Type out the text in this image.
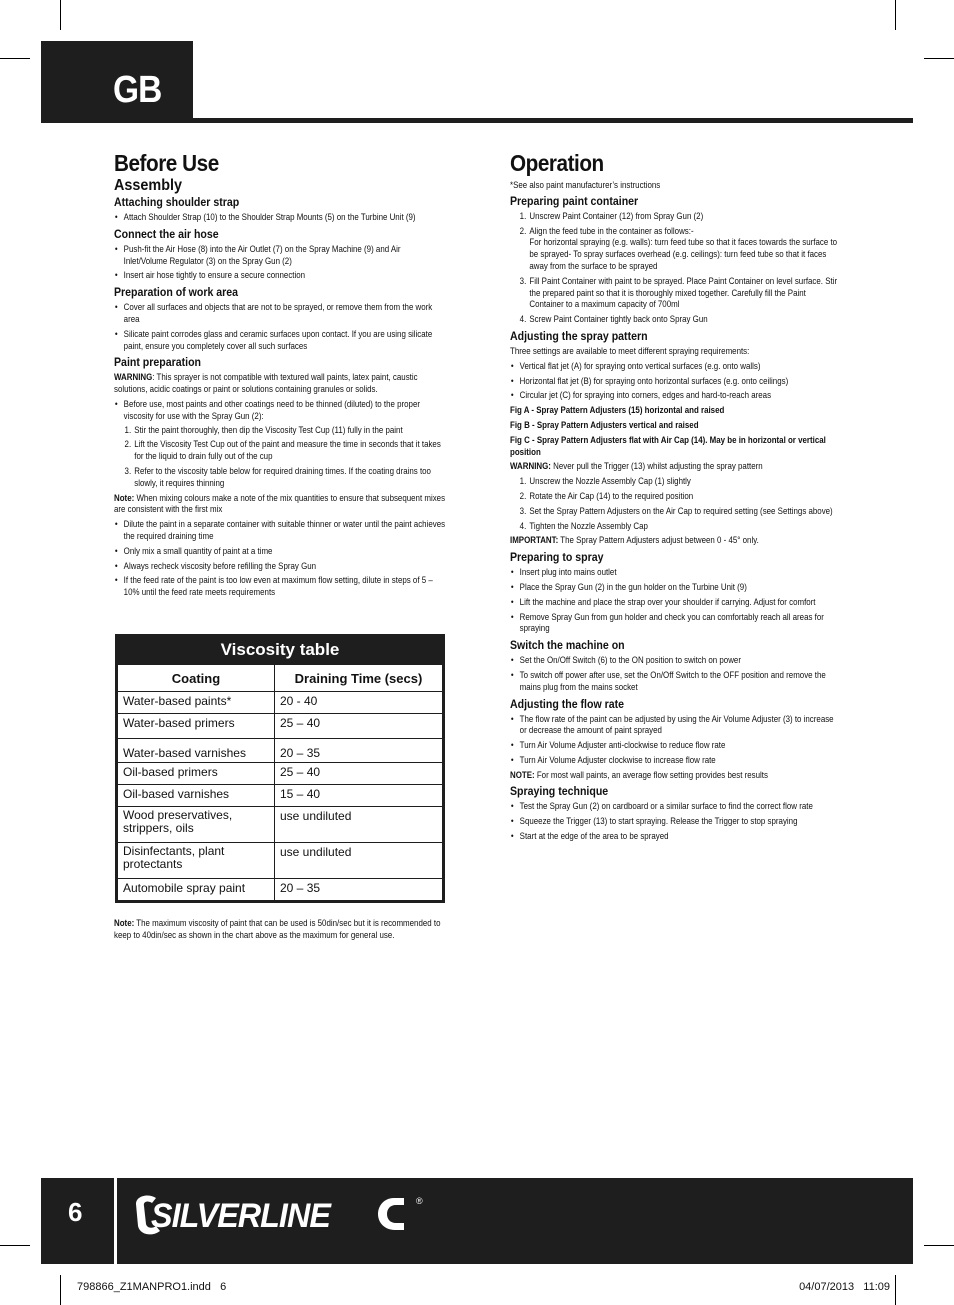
GB
Before Use
Assembly
Attaching shoulder strap
• Attach Shoulder Strap (10) to the Shoulder Strap Mounts (5) on the Turbine Unit (9)
Connect the air hose
• Push-fit the Air Hose (8) into the Air Outlet (7) on the Spray Machine (9) and Air Inlet/Volume Regulator (3) on the Spray Gun (2)
• Insert air hose tightly to ensure a secure connection
Preparation of work area
• Cover all surfaces and objects that are not to be sprayed, or remove them from the work area
• Silicate paint corrodes glass and ceramic surfaces upon contact. If you are using silicate paint, ensure you completely cover all such surfaces
Paint preparation

WARNING: This sprayer is not compatible with textured wall paints, latex paint, caustic solutions, acidic coatings or paint or solutions containing granules or solids.

• Before use, most paints and other coatings need to be thinned (diluted) to the proper viscosity for use with the Spray Gun (2):
1. Stir the paint thoroughly, then dip the Viscosity Test Cup (11) fully in the paint
2. Lift the Viscosity Test Cup out of the paint and measure the time in seconds that it takes for the liquid to drain fully out of the cup
3. Refer to the viscosity table below for required draining times. If the coating drains too slowly, it requires thinning

Note: When mixing colours make a note of the mix quantities to ensure that subsequent mixes are consistent with the first mix

• Dilute the paint in a separate container with suitable thinner or water until the paint achieves the required draining time
• Only mix a small quantity of paint at a time
• Always recheck viscosity before refilling the Spray Gun
• If the feed rate of the paint is too low even at maximum flow setting, dilute in steps of 5 – 10% until the feed rate meets requirements
Viscosity table
Coating	Draining Time (secs)
Water-based paints*	20 - 40
Water-based primers	25 – 40
Water-based varnishes	20 – 35
Oil-based primers	25 – 40
Oil-based varnishes	15 – 40
Wood preservatives, strippers, oils	use undiluted
Disinfectants, plant protectants	use undiluted
Automobile spray paint	20 – 35
Note: The maximum viscosity of paint that can be used is 50din/sec but it is recommended to keep to 40din/sec as shown in the chart above as the maximum for general use.
Operation

*See also paint manufacturer’s instructions

Preparing paint container
1. Unscrew Paint Container (12) from Spray Gun (2)
2. Align the feed tube in the container as follows:-
For horizontal spraying (e.g. walls): turn feed tube so that it faces towards the surface to be sprayed- To spray surfaces overhead (e.g. ceilings): turn feed tube so that it faces away from the surface to be sprayed
3. Fill Paint Container with paint to be sprayed. Place Paint Container on level surface. Stir the prepared paint so that it is thoroughly mixed together. Carefully fill the Paint Container to a maximum capacity of 700ml
4. Screw Paint Container tightly back onto Spray Gun
Adjusting the spray pattern

Three settings are available to meet different spraying requirements:

• Vertical flat jet (A) for spraying onto vertical surfaces (e.g. onto walls)
• Horizontal flat jet (B) for spraying onto horizontal surfaces (e.g. onto ceilings)
• Circular jet (C) for spraying into corners, edges and hard-to-reach areas

Fig A - Spray Pattern Adjusters (15) horizontal and raised

Fig B - Spray Pattern Adjusters vertical and raised

Fig C - Spray Pattern Adjusters flat with Air Cap (14). May be in horizontal or vertical position

WARNING: Never pull the Trigger (13) whilst adjusting the spray pattern

1. Unscrew the Nozzle Assembly Cap (1) slightly
2. Rotate the Air Cap (14) to the required position
3. Set the Spray Pattern Adjusters on the Air Cap to required setting (see Settings above)
4. Tighten the Nozzle Assembly Cap

IMPORTANT: The Spray Pattern Adjusters adjust between 0 - 45° only.

Preparing to spray
• Insert plug into mains outlet
• Place the Spray Gun (2) in the gun holder on the Turbine Unit (9)
• Lift the machine and place the strap over your shoulder if carrying. Adjust for comfort
• Remove Spray Gun from gun holder and check you can comfortably reach all areas for spraying
Switch the machine on
• Set the On/Off Switch (6) to the ON position to switch on power
• To switch off power after use, set the On/Off Switch to the OFF position and remove the mains plug from the mains socket
Adjusting the flow rate
• The flow rate of the paint can be adjusted by using the Air Volume Adjuster (3) to increase or decrease the amount of paint sprayed
• Turn Air Volume Adjuster anti-clockwise to reduce flow rate
• Turn Air Volume Adjuster clockwise to increase flow rate

NOTE: For most wall paints, an average flow setting provides best results

Spraying technique
• Test the Spray Gun (2) on cardboard or a similar surface to find the correct flow rate
• Squeeze the Trigger (13) to start spraying. Release the Trigger to stop spraying
• Start at the edge of the area to be sprayed
6 SILVERLINE	®
798866_Z1MANPRO1.indd   6	04/07/2013   11:09
